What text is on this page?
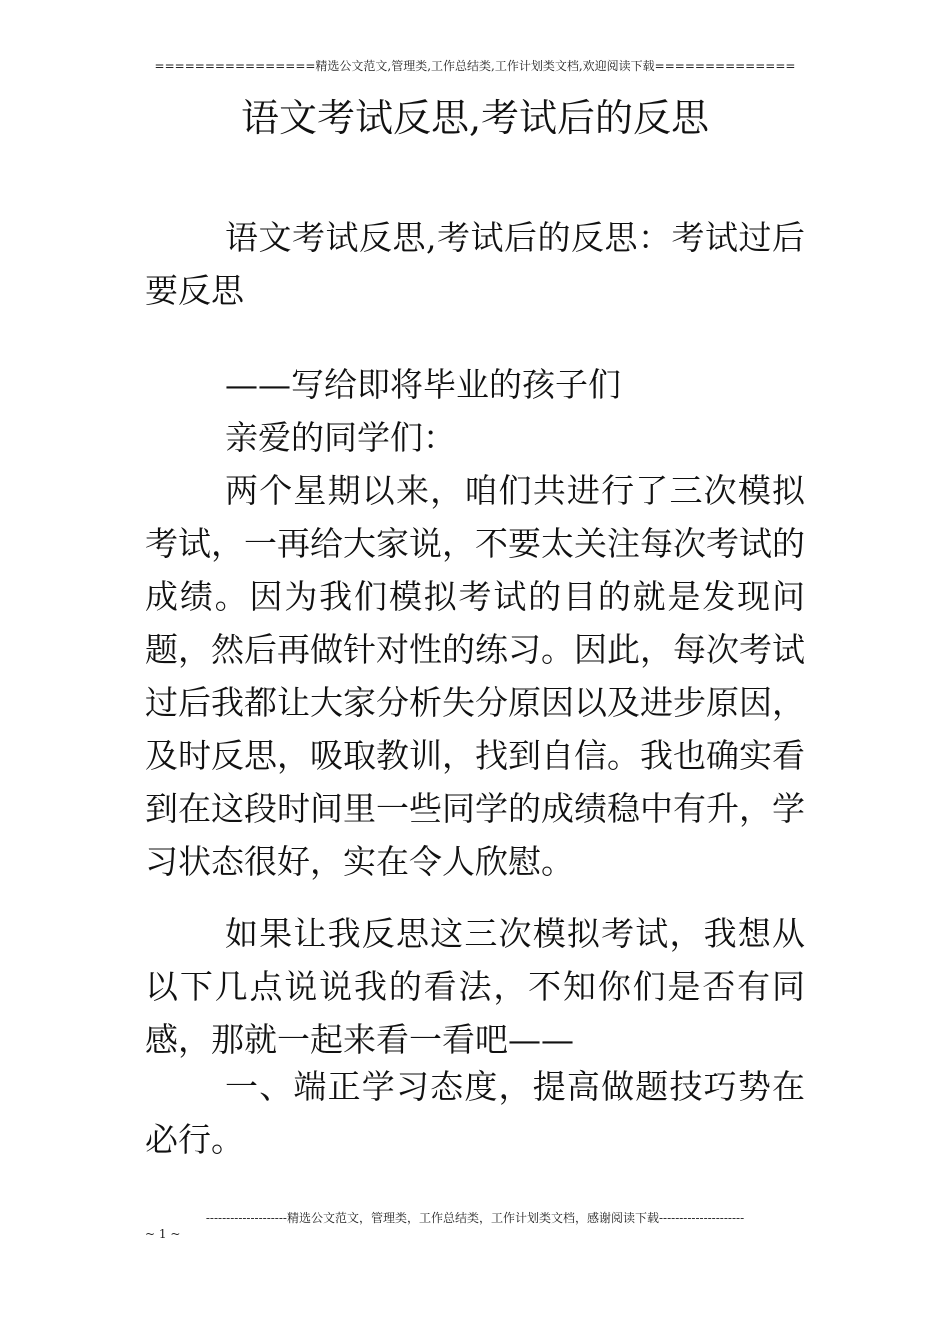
================精选公文范文,管理类,工作总结类,工作计划类文档,欢迎阅读下载==============
语文考试反思,考试后的反思

语文考试反思,考试后的反思：考试过后要反思

——写给即将毕业的孩子们

亲爱的同学们：

两个星期以来，咱们共进行了三次模拟考试，一再给大家说，不要太关注每次考试的成绩。因为我们模拟考试的目的就是发现问题，然后再做针对性的练习。因此，每次考试过后我都让大家分析失分原因以及进步原因，及时反思，吸取教训，找到自信。我也确实看到在这段时间里一些同学的成绩稳中有升，学习状态很好，实在令人欣慰。

如果让我反思这三次模拟考试，我想从以下几点说说我的看法，不知你们是否有同感，那就一起来看一看吧——

一、端正学习态度，提高做题技巧势在必行。

--------------------精选公文范文，管理类，工作总结类，工作计划类文档，感谢阅读下载---------------------
~ 1 ~
